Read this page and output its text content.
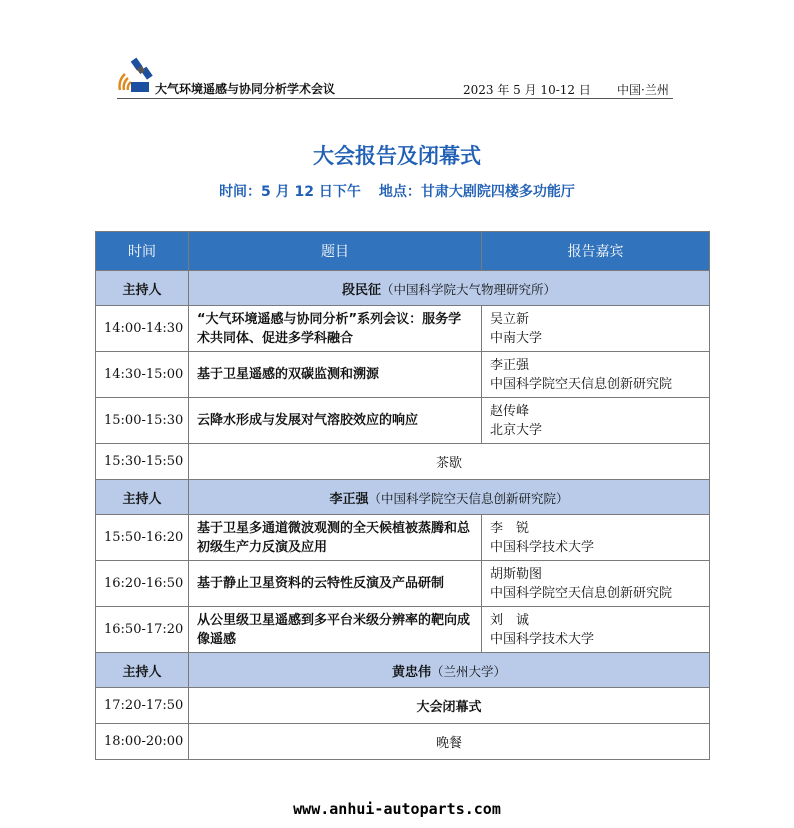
大气环境遥感与协同分析学术会议	2023 年 5 月 10-12 日 中国·兰州
大会报告及闭幕式
时间：5 月 12 日下午 地点：甘肃大剧院四楼多功能厅
时间	题目	报告嘉宾
主持人	段民征（中国科学院大气物理研究所）	
14:00-14:30	“大气环境遥感与协同分析”系列会议：服务学术共同体、促进多学科融合	吴立新
中南大学

14:30-15:00	基于卫星遥感的双碳监测和溯源	李正强
中国科学院空天信息创新研究院

15:00-15:30	云降水形成与发展对气溶胶效应的响应	赵传峰
北京大学

15:30-15:50	茶歇	
主持人	李正强（中国科学院空天信息创新研究院）	
15:50-16:20	基于卫星多通道微波观测的全天候植被蒸腾和总初级生产力反演及应用	李　锐
中国科学技术大学

16:20-16:50	基于静止卫星资料的云特性反演及产品研制	胡斯勒图
中国科学院空天信息创新研究院

16:50-17:20	从公里级卫星遥感到多平台米级分辨率的靶向成像遥感	刘　诚
中国科学技术大学

主持人	黄忠伟（兰州大学）	
17:20-17:50	大会闭幕式	
18:00-20:00	晚餐	
www.anhui-autoparts.com
